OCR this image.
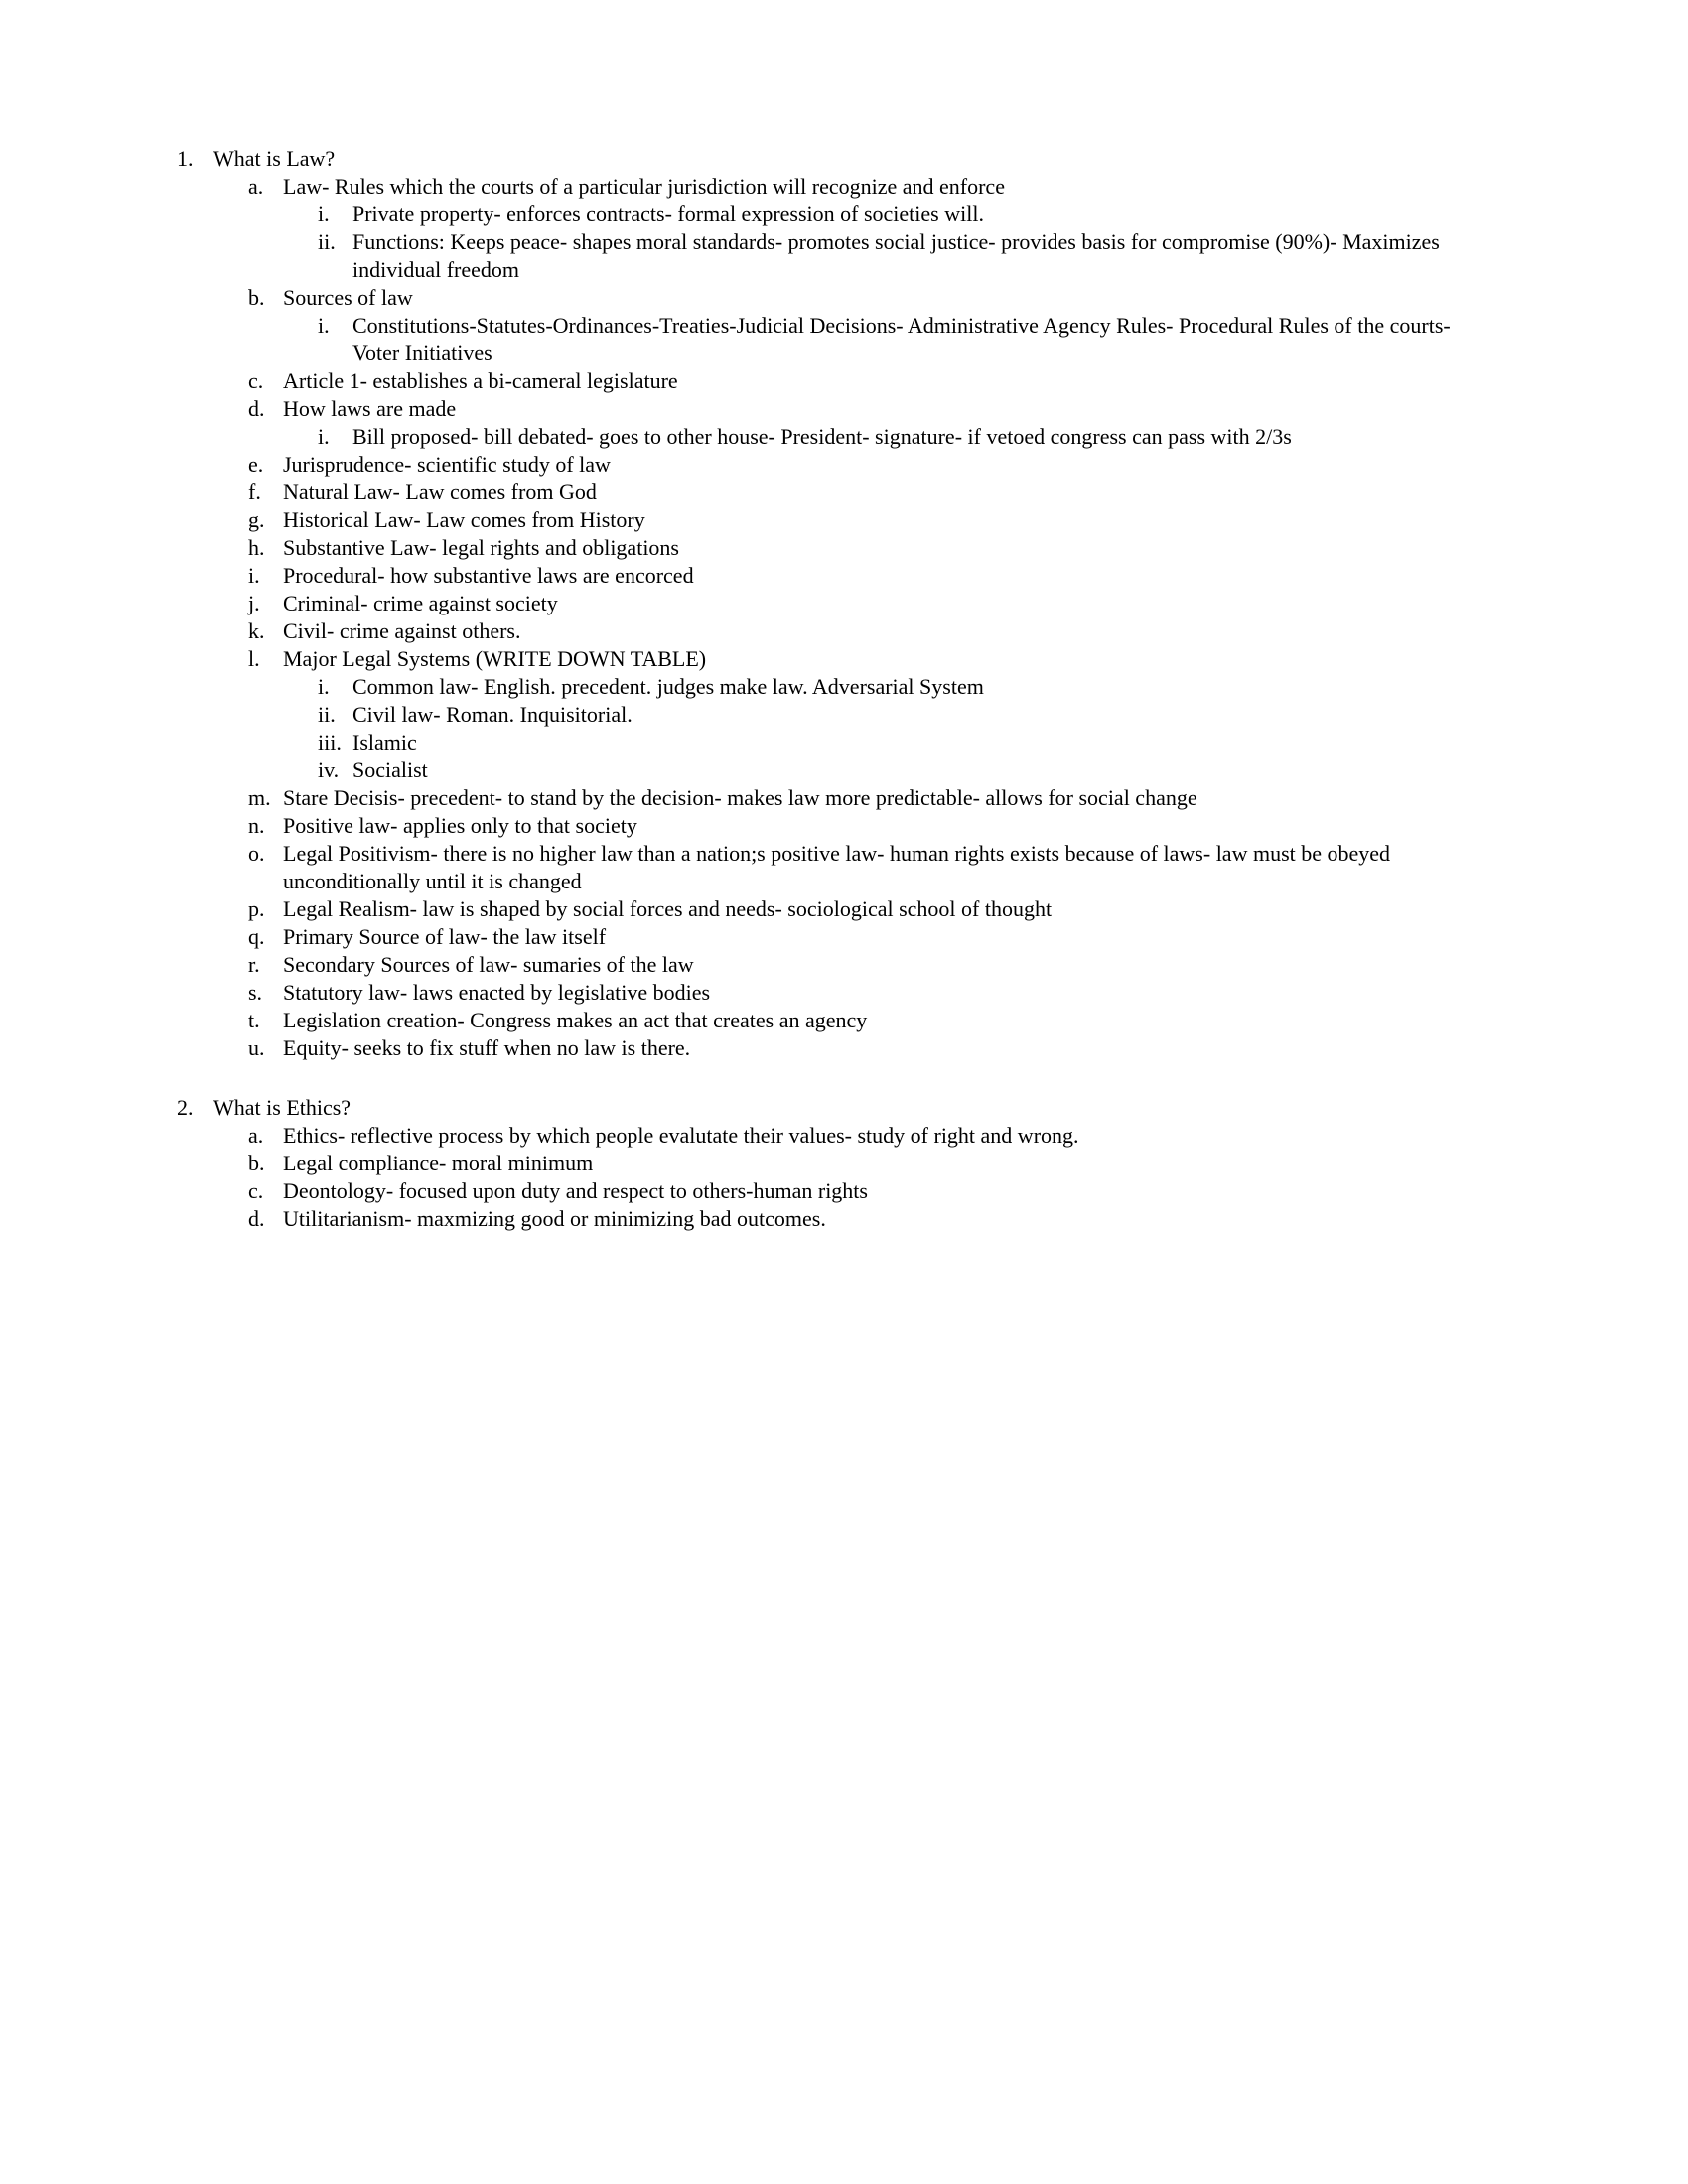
1. What is Law?
a. Law- Rules which the courts of a particular jurisdiction will recognize and enforce
i.	Private property- enforces contracts- formal expression of societies will.
ii. Functions: Keeps peace- shapes moral standards- promotes social justice- provides basis for compromise (90%)- Maximizes individual freedom
b. Sources of law
i.	Constitutions-Statutes-Ordinances-Treaties-Judicial Decisions- Administrative Agency Rules- Procedural Rules of the courts- Voter Initiatives
c. Article 1- establishes a bi-cameral legislature
d. How laws are made
i.	Bill proposed- bill debated- goes to other house- President- signature- if vetoed congress can pass with 2/3s
e. Jurisprudence- scientific study of law
f.	Natural Law- Law comes from God
g. Historical Law- Law comes from History
h. Substantive Law- legal rights and obligations
i.	Procedural- how substantive laws are encorced
j.	Criminal- crime against society
k. Civil- crime against others.
l.	Major Legal Systems (WRITE DOWN TABLE)
i.	Common law- English. precedent. judges make law. Adversarial System
ii. Civil law- Roman. Inquisitorial.
iii. Islamic
iv. Socialist
m. Stare Decisis- precedent- to stand by the decision- makes law more predictable- allows for social change
n. Positive law- applies only to that society
o. Legal Positivism- there is no higher law than a nation;s positive law- human rights exists because of laws- law must be obeyed unconditionally until it is changed
p. Legal Realism- law is shaped by social forces and needs- sociological school of thought
q. Primary Source of law- the law itself
r.	Secondary Sources of law- sumaries of the law
s. Statutory law- laws enacted by legislative bodies
t.	Legislation creation- Congress makes an act that creates an agency
u. Equity- seeks to fix stuff when no law is there.
2. What is Ethics?
a. Ethics- reflective process by which people evalutate their values- study of right and wrong.
b. Legal compliance- moral minimum
c. Deontology- focused upon duty and respect to others-human rights
d. Utilitarianism- maxmizing good or minimizing bad outcomes.
